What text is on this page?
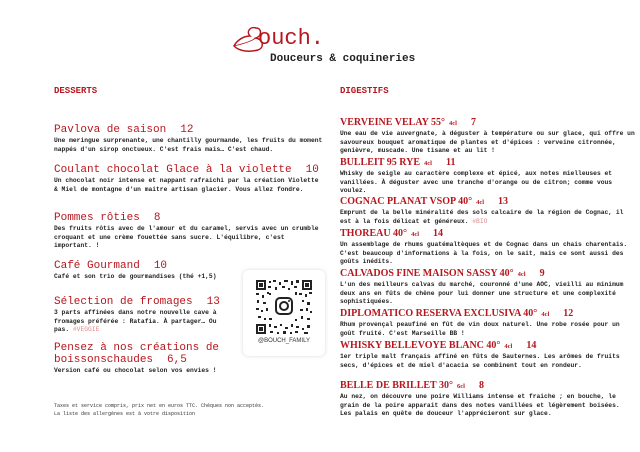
ouch.
Douceurs & coquineries
DESSERTS
Pavlova de saison 12
Une meringue surprenante, une chantilly gourmande, les fruits du moment nappés d'un sirop onctueux. C'est frais mais… C'est chaud.
Coulant chocolat Glace à la violette 10
Un chocolat noir intense et nappant rafraichi par la création Violette & Miel de montagne d'un maitre artisan glacier. Vous allez fondre.
Pommes rôties 8
Des fruits rôtis avec de l'amour et du caramel, servis avec un crumble croquant et une crème fouettée sans sucre. L'équilibre, c'est important. !
Café Gourmand 10
Café et son trio de gourmandises (thé +1,5)
Sélection de fromages 13
3 parts affinées dans notre nouvelle cave à fromages préférée : Ratafia. À partager… Ou pas. #VEGGIE
Pensez à nos créations de
boissonschaudes 6,5
Version café ou chocolat selon vos envies !
@BOUCH_FAMILY
Taxes et service compris, prix net en euros TTC. Chèques non acceptés.
La liste des allergènes est à votre disposition
DIGESTIFS
VERVEINE VELAY 55° 4cl 7
Une eau de vie auvergnate, à déguster à température ou sur glace, qui offre un savoureux bouquet aromatique de plantes et d'épices : verveine citronnée, genièvre, muscade. Une tisane et au lit !
BULLEIT 95 RYE 4cl 11
Whisky de seigle au caractère complexe et épicé, aux notes mielleuses et vanillées. À déguster avec une tranche d'orange ou de citron; comme vous voulez.
COGNAC PLANAT VSOP 40° 4cl 13
Emprunt de la belle minéralité des sols calcaire de la région de Cognac, il est à la fois délicat et généreux. #BIO
THOREAU 40° 4cl 14
Un assemblage de rhums guatémaltèques et de Cognac dans un chais charentais. C'est beaucoup d'informations à la fois, on le sait, mais ce sont aussi des goûts inédits.
CALVADOS FINE MAISON SASSY 40° 4cl 9
L'un des meilleurs calvas du marché, couronné d'une AOC, vieilli au minimum deux ans en fûts de chêne pour lui donner une structure et une complexité sophistiquées.
DIPLOMATICO RESERVA EXCLUSIVA 40° 4cl 12
Rhum provençal peaufiné en fût de vin doux naturel. Une robe rosée pour un goût fruité. C'est Marseille BB !
WHISKY BELLEVOYE BLANC 40° 4cl 14
1er triple malt français affiné en fûts de Sauternes. Les arômes de fruits secs, d'épices et de miel d'acacia se combinent tout en rondeur.
BELLE DE BRILLET 30° 6cl 8
Au nez, on découvre une poire Williams intense et fraiche ; en bouche, le grain de la poire apparait dans des notes vanillées et légèrement boisées. Les palais en quête de douceur l'apprécieront sur glace.
